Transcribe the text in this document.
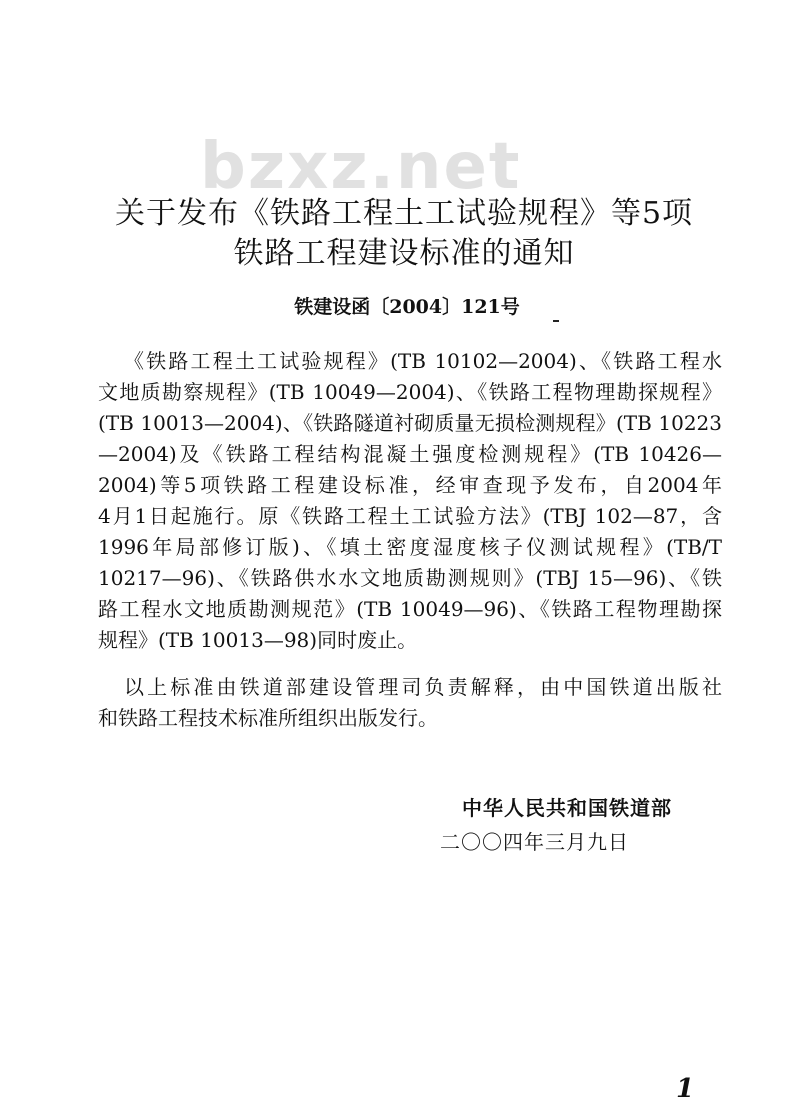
bzxz.net
关于发布《铁路工程土工试验规程》等5项
铁路工程建设标准的通知
铁建设函〔2004〕121号
《铁路工程土工试验规程》(TB 10102—2004)、《铁路工程水
文地质勘察规程》(TB 10049—2004)、《铁路工程物理勘探规程》
(TB 10013—2004)、《铁路隧道衬砌质量无损检测规程》(TB 10223
—2004)及《铁路工程结构混凝土强度检测规程》(TB 10426—
2004)等5项铁路工程建设标准，经审查现予发布，自2004年
4月1日起施行。原《铁路工程土工试验方法》(TBJ 102—87，含
1996年局部修订版)、《填土密度湿度核子仪测试规程》(TB/T
10217—96)、《铁路供水水文地质勘测规则》(TBJ 15—96)、《铁
路工程水文地质勘测规范》(TB 10049—96)、《铁路工程物理勘探
规程》(TB 10013—98)同时废止。
以上标准由铁道部建设管理司负责解释，由中国铁道出版社
和铁路工程技术标准所组织出版发行。
中华人民共和国铁道部
二〇〇四年三月九日
1
